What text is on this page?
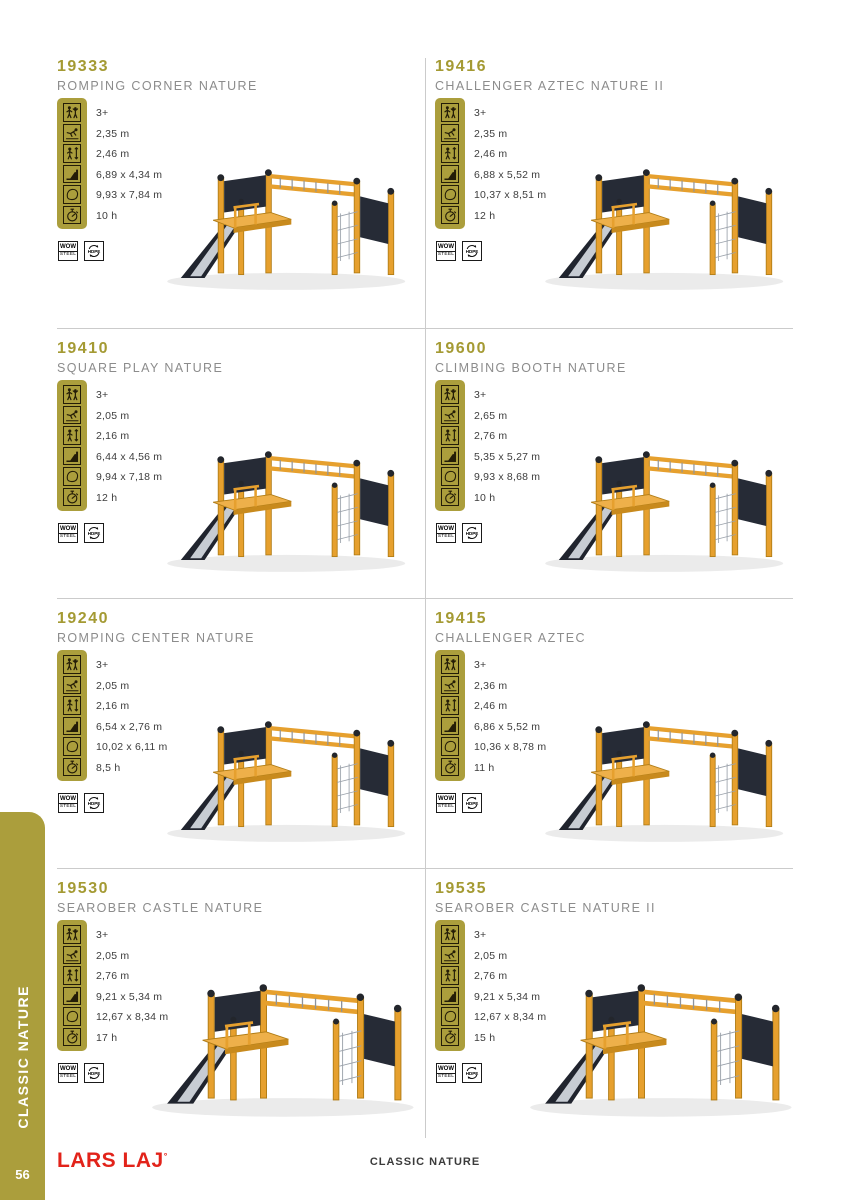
19333
ROMPING CORNER NATURE
3+
2,35 m
2,46 m
6,89 x 4,34 m
9,93 x 7,84 m
10 h
WOW
STEEL
HDPE
19416
CHALLENGER AZTEC NATURE II
3+
2,35 m
2,46 m
6,88 x 5,52 m
10,37 x 8,51 m
12 h
WOW
STEEL
HDPE
19410
SQUARE PLAY NATURE
3+
2,05 m
2,16 m
6,44 x 4,56 m
9,94 x 7,18 m
12 h
WOW
STEEL
HDPE
19600
CLIMBING BOOTH NATURE
3+
2,65 m
2,76 m
5,35 x 5,27 m
9,93 x 8,68 m
10 h
WOW
STEEL
HDPE
19240
ROMPING CENTER NATURE
3+
2,05 m
2,16 m
6,54 x 2,76 m
10,02 x 6,11 m
8,5 h
WOW
STEEL
HDPE
19415
CHALLENGER AZTEC
3+
2,36 m
2,46 m
6,86 x 5,52 m
10,36 x 8,78 m
11 h
WOW
STEEL
HDPE
19530
SEAROBER CASTLE NATURE
3+
2,05 m
2,76 m
9,21 x 5,34 m
12,67 x 8,34 m
17 h
WOW
STEEL
HDPE
19535
SEAROBER CASTLE NATURE II
3+
2,05 m
2,76 m
9,21 x 5,34 m
12,67 x 8,34 m
15 h
WOW
STEEL
HDPE
CLASSIC NATURE
56
LARS LAJ°	CLASSIC NATURE
